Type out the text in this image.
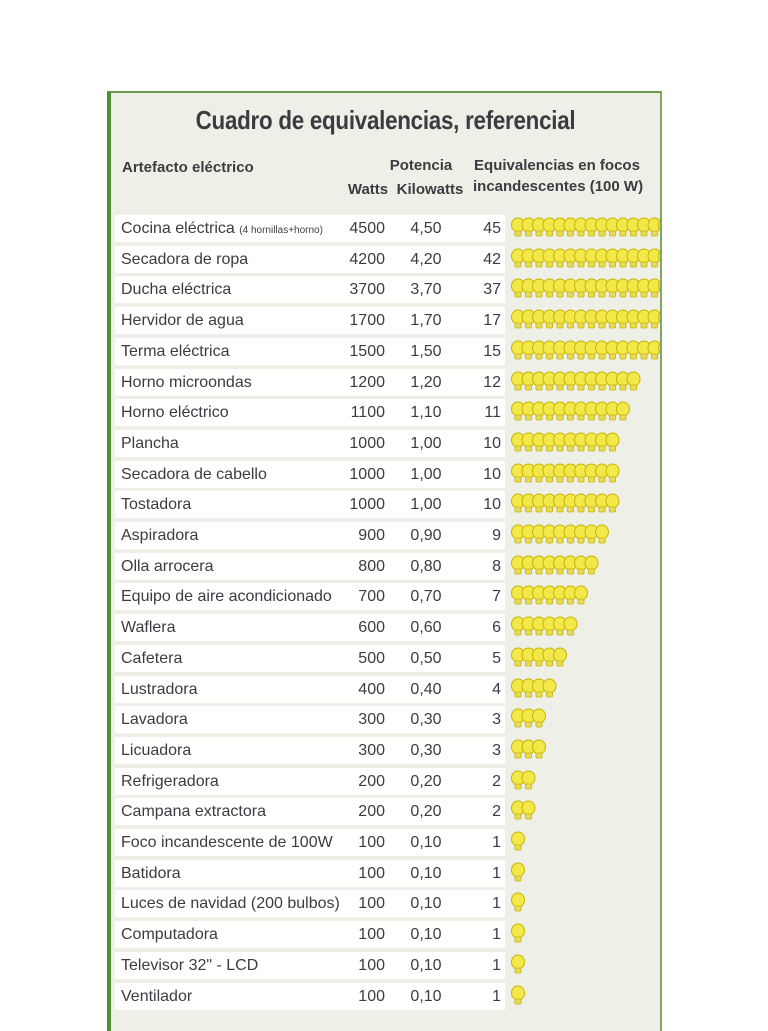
Cuadro de equivalencias, referencial
Artefacto eléctrico	Potencia
Watts Kilowatts
Equivalencias en focos
incandescentes (100 W)
Cocina eléctrica (4 hornillas+horno)	4500	4,50	45
Secadora de ropa	4200	4,20	42
Ducha eléctrica	3700	3,70	37
Hervidor de agua	1700	1,70	17
Terma eléctrica	1500	1,50	15
Horno microondas	1200	1,20	12
Horno eléctrico	1100	1,10	11
Plancha	1000	1,00	10
Secadora de cabello	1000	1,00	10
Tostadora	1000	1,00	10
Aspiradora	900	0,90	9
Olla arrocera	800	0,80	8
Equipo de aire acondicionado	700	0,70	7
Waflera	600	0,60	6
Cafetera	500	0,50	5
Lustradora	400	0,40	4
Lavadora	300	0,30	3
Licuadora	300	0,30	3
Refrigeradora	200	0,20	2
Campana extractora	200	0,20	2
Foco incandescente de 100W	100	0,10	1
Batidora	100	0,10	1
Luces de navidad (200 bulbos)	100	0,10	1
Computadora	100	0,10	1
Televisor 32" - LCD	100	0,10	1
Ventilador	100	0,10	1
